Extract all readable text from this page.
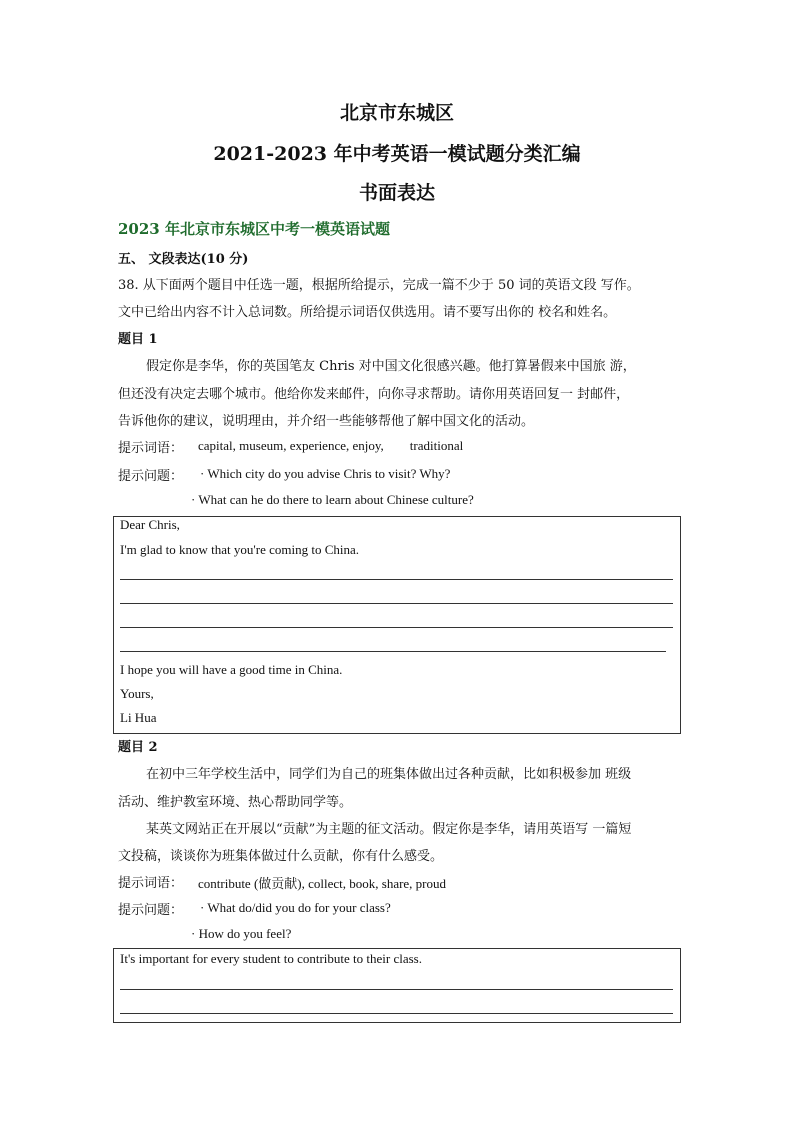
北京市东城区
2021-2023 年中考英语一模试题分类汇编
书面表达
2023 年北京市东城区中考一模英语试题
五、 文段表达(10 分)
38. 从下面两个题目中任选一题，根据所给提示，完成一篇不少于 50 词的英语文段 写作。
文中已给出内容不计入总词数。所给提示词语仅供选用。请不要写出你的 校名和姓名。
题目 1
假定你是李华，你的英国笔友 Chris 对中国文化很感兴趣。他打算暑假来中国旅 游，
但还没有决定去哪个城市。他给你发来邮件，向你寻求帮助。请你用英语回复一 封邮件，
告诉他你的建议，说明理由，并介绍一些能够帮他了解中国文化的活动。
提示词语： capital, museum, experience, enjoy,        traditional
提示问题： · Which city do you advise Chris to visit? Why?
· What can he do there to learn about Chinese culture?
Dear Chris,
I'm glad to know that you're coming to China.
I hope you will have a good time in China.
Yours,
Li Hua
题目 2
在初中三年学校生活中，同学们为自己的班集体做出过各种贡献，比如积极参加 班级
活动、维护教室环境、热心帮助同学等。
某英文网站正在开展以“贡献”为主题的征文活动。假定你是李华，请用英语写 一篇短
文投稿，谈谈你为班集体做过什么贡献，你有什么感受。
提示词语： contribute (做贡献), collect, book, share, proud
提示问题： · What do/did you do for your class?
· How do you feel?
It's important for every student to contribute to their class.
